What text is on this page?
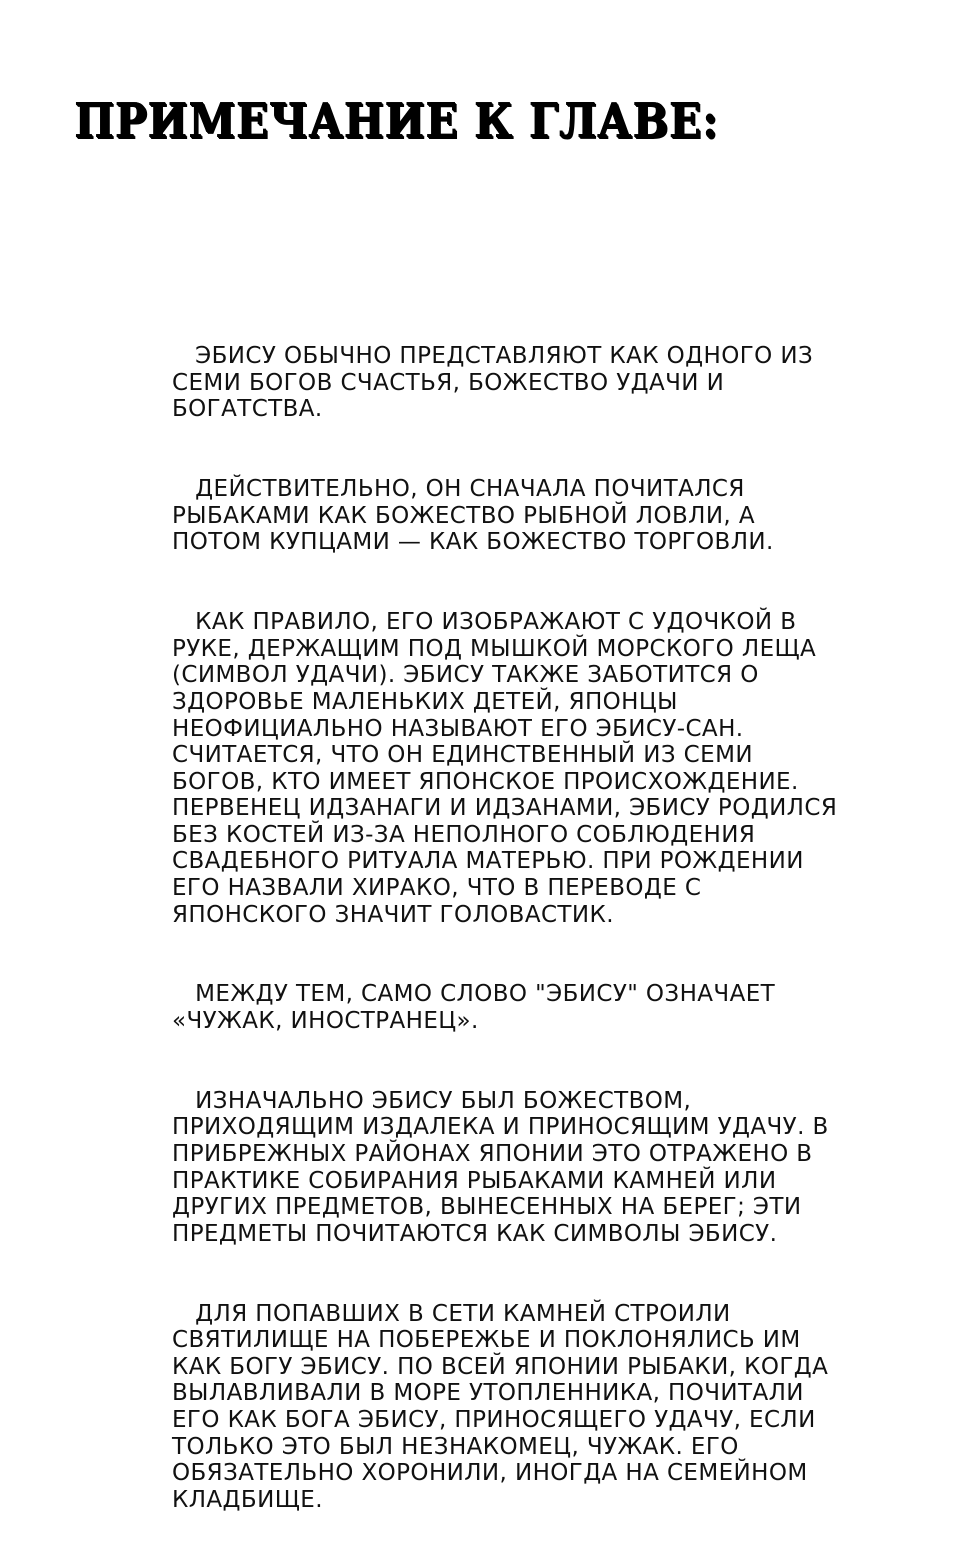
ПРИМЕЧАНИЕ К ГЛАВЕ:

ЭБИСУ ОБЫЧНО ПРЕДСТАВЛЯЮТ КАК ОДНОГО ИЗ
СЕМИ БОГОВ СЧАСТЬЯ, БОЖЕСТВО УДАЧИ И
БОГАТСТВА.

ДЕЙСТВИТЕЛЬНО, ОН СНАЧАЛА ПОЧИТАЛСЯ
РЫБАКАМИ КАК БОЖЕСТВО РЫБНОЙ ЛОВЛИ, А
ПОТОМ КУПЦАМИ — КАК БОЖЕСТВО ТОРГОВЛИ.

КАК ПРАВИЛО, ЕГО ИЗОБРАЖАЮТ С УДОЧКОЙ В
РУКЕ, ДЕРЖАЩИМ ПОД МЫШКОЙ МОРСКОГО ЛЕЩА
(СИМВОЛ УДАЧИ). ЭБИСУ ТАКЖЕ ЗАБОТИТСЯ О
ЗДОРОВЬЕ МАЛЕНЬКИХ ДЕТЕЙ, ЯПОНЦЫ
НЕОФИЦИАЛЬНО НАЗЫВАЮТ ЕГО ЭБИСУ-САН.
СЧИТАЕТСЯ, ЧТО ОН ЕДИНСТВЕННЫЙ ИЗ СЕМИ
БОГОВ, КТО ИМЕЕТ ЯПОНСКОЕ ПРОИСХОЖДЕНИЕ.
ПЕРВЕНЕЦ ИДЗАНАГИ И ИДЗАНАМИ, ЭБИСУ РОДИЛСЯ
БЕЗ КОСТЕЙ ИЗ-ЗА НЕПОЛНОГО СОБЛЮДЕНИЯ
СВАДЕБНОГО РИТУАЛА МАТЕРЬЮ. ПРИ РОЖДЕНИИ
ЕГО НАЗВАЛИ ХИРАКО, ЧТО В ПЕРЕВОДЕ С
ЯПОНСКОГО ЗНАЧИТ ГОЛОВАСТИК.

МЕЖДУ ТЕМ, САМО СЛОВО "ЭБИСУ" ОЗНАЧАЕТ
«ЧУЖАК, ИНОСТРАНЕЦ».

ИЗНАЧАЛЬНО ЭБИСУ БЫЛ БОЖЕСТВОМ,
ПРИХОДЯЩИМ ИЗДАЛЕКА И ПРИНОСЯЩИМ УДАЧУ. В
ПРИБРЕЖНЫХ РАЙОНАХ ЯПОНИИ ЭТО ОТРАЖЕНО В
ПРАКТИКЕ СОБИРАНИЯ РЫБАКАМИ КАМНЕЙ ИЛИ
ДРУГИХ ПРЕДМЕТОВ, ВЫНЕСЕННЫХ НА БЕРЕГ; ЭТИ
ПРЕДМЕТЫ ПОЧИТАЮТСЯ КАК СИМВОЛЫ ЭБИСУ.

ДЛЯ ПОПАВШИХ В СЕТИ КАМНЕЙ СТРОИЛИ
СВЯТИЛИЩЕ НА ПОБЕРЕЖЬЕ И ПОКЛОНЯЛИСЬ ИМ
КАК БОГУ ЭБИСУ. ПО ВСЕЙ ЯПОНИИ РЫБАКИ, КОГДА
ВЫЛАВЛИВАЛИ В МОРЕ УТОПЛЕННИКА, ПОЧИТАЛИ
ЕГО КАК БОГА ЭБИСУ, ПРИНОСЯЩЕГО УДАЧУ, ЕСЛИ
ТОЛЬКО ЭТО БЫЛ НЕЗНАКОМЕЦ, ЧУЖАК. ЕГО
ОБЯЗАТЕЛЬНО ХОРОНИЛИ, ИНОГДА НА СЕМЕЙНОМ
КЛАДБИЩЕ.
